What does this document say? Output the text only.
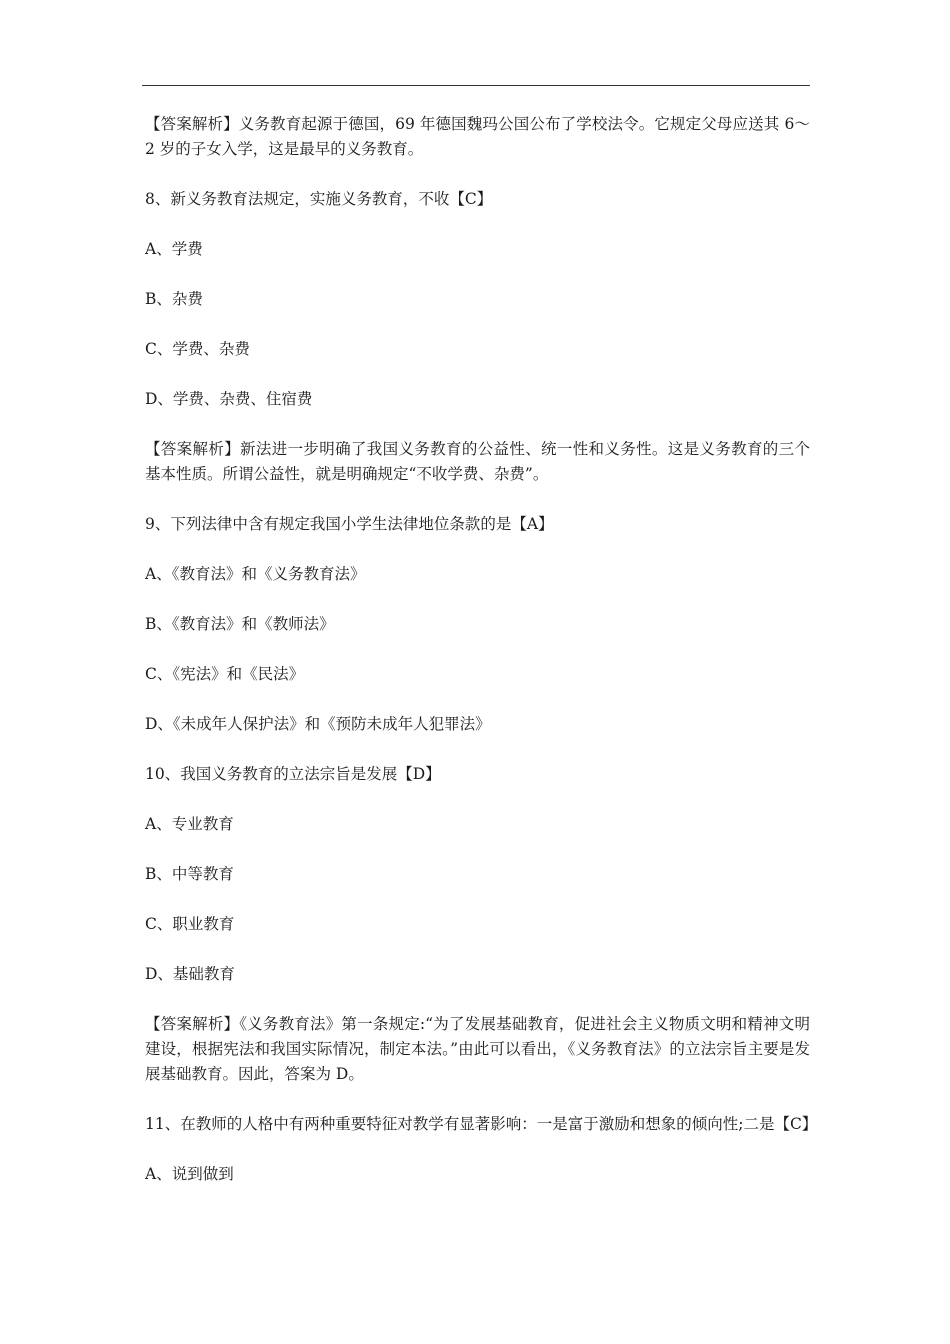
【答案解析】义务教育起源于德国，69 年德国魏玛公国公布了学校法令。它规定父母应送其 6～2 岁的子女入学，这是最早的义务教育。

8、新义务教育法规定，实施义务教育，不收【C】

A、学费

B、杂费

C、学费、杂费

D、学费、杂费、住宿费

【答案解析】新法进一步明确了我国义务教育的公益性、统一性和义务性。这是义务教育的三个基本性质。所谓公益性，就是明确规定“不收学费、杂费”。

9、下列法律中含有规定我国小学生法律地位条款的是【A】

A、《教育法》和《义务教育法》

B、《教育法》和《教师法》

C、《宪法》和《民法》

D、《未成年人保护法》和《预防未成年人犯罪法》

10、我国义务教育的立法宗旨是发展【D】

A、专业教育

B、中等教育

C、职业教育

D、基础教育

【答案解析】《义务教育法》第一条规定:“为了发展基础教育，促进社会主义物质文明和精神文明建设，根据宪法和我国实际情况，制定本法。”由此可以看出，《义务教育法》的立法宗旨主要是发展基础教育。因此，答案为 D。

11、在教师的人格中有两种重要特征对教学有显著影响：一是富于激励和想象的倾向性;二是【C】

A、说到做到
